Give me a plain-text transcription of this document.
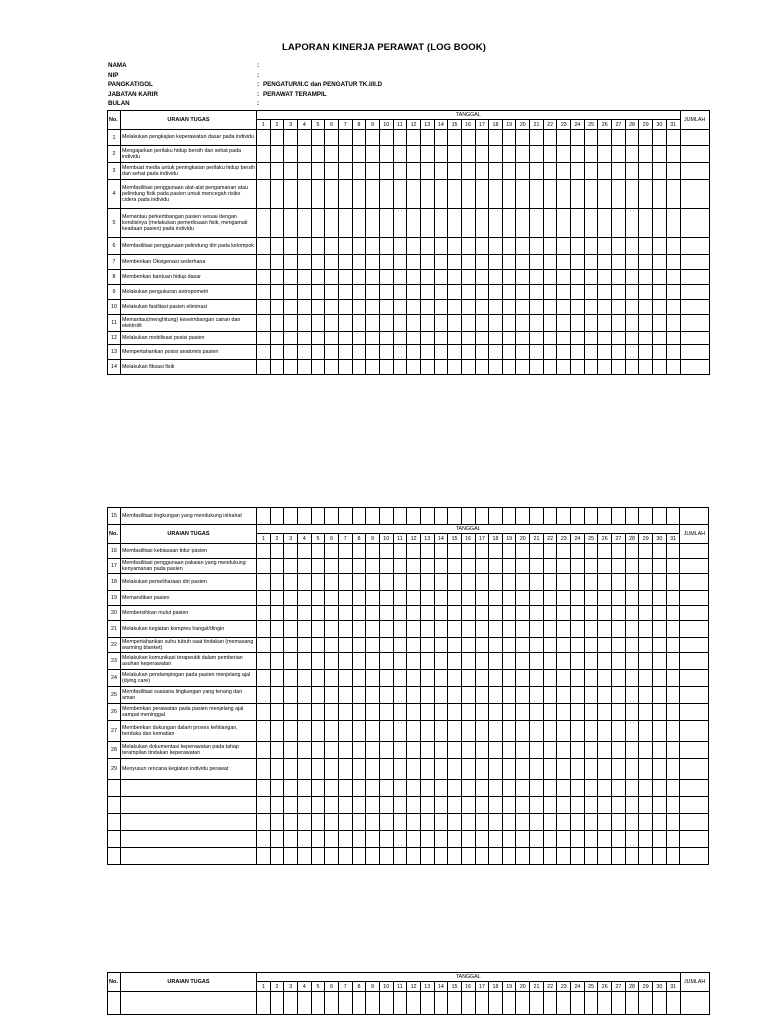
LAPORAN KINERJA PERAWAT (LOG BOOK)
NAMA	:
NIP	:
PANGKAT/GOL	: PENGATUR/II.C dan PENGATUR TK.I/II.D
JABATAN KARIR	: PERAWAT TERAMPIL
BULAN	:
No.	URAIAN TUGAS	TANGGAL																															JUMLAH
		1	2	3	4	5	6	7	8	9	10	11	12	13	14	15	16	17	18	19	20	21	22	23	24	25	26	27	28	29	30	31	
1	Melakukan pengkajian keperawatan dasar pada individu																																
2	Mengajarkan perilaku hidup bersih dan sehat pada individu																																
3	Membuat media untuk peningkatan perilaku hidup bersih dan sehat pada individu																																
4	Memfasilitasi penggunaan alat-alat pengamanan atau pelindung fisik pada pasien untuk mencegah risiko cidera pada individu																																
5	Memantau perkembangan pasien sesuai dengan kondisinya (melakukan pemeriksaan fisik, mengamati keadaan pasien) pada individu																																
6	Memfasilitasi penggunaan pelindung diri pada kelompok																																
7	Memberikan Oksigenasi sederhana																																
8	Memberikan bantuan hidup dasar																																
9	Melakukan pengukuran antropometri																																
10	Melakukan fasilitasi pasien eliminasi																																
11	Memantau(menghitung) keseimbangan cairan dan elektrolit																																
12	Melakukan mobilisasi posisi pasien																																
13	Mempertahankan posisi anatomis pasien																																
14	Melakukan fiksasi fisik																																
15	Memfasilitasi lingkungan yang mendukung istirahat																																
No.	URAIAN TUGAS	TANGGAL																															JUMLAH
		1	2	3	4	5	6	7	8	9	10	11	12	13	14	15	16	17	18	19	20	21	22	23	24	25	26	27	28	29	30	31	
16	Memfasilitasi kebiasaan tidur pasien																																
17	Memfasilitasi penggunaan pakaian yang mendukung kenyamanan pada pasien																																
18	Melakukan pemeliharaan diri pasien																																
19	Memandikan pasien																																
20	Membersihkan mulut pasien																																
21	Melakukan kegiatan kompres hangat/dingin																																
22	Mempertahankan suhu tubuh saat tindakan (memasang warming blanket)																																
23	Melakukan komunikasi terapeutik dalam pemberian asuhan keperawatan																																
24	Melakukan pendampingan pada pasien menjelang ajal (dying care)																																
25	Memfasilitasi suasana lingkungan yang tenang dan aman																																
26	Memberikan perawatan pada pasien menjelang ajal sampai meninggal																																
27	Memberikan dukungan dalam proses kehilangan, berduka dan kematian																																
28	Melakukan dokumentasi keperawatan pada tahap terampilan tindakan keperawatan																																
29	Menyusun rencana kegiatan individu perawat																																

No.	URAIAN TUGAS	TANGGAL																															JUMLAH
		1	2	3	4	5	6	7	8	9	10	11	12	13	14	15	16	17	18	19	20	21	22	23	24	25	26	27	28	29	30	31	
